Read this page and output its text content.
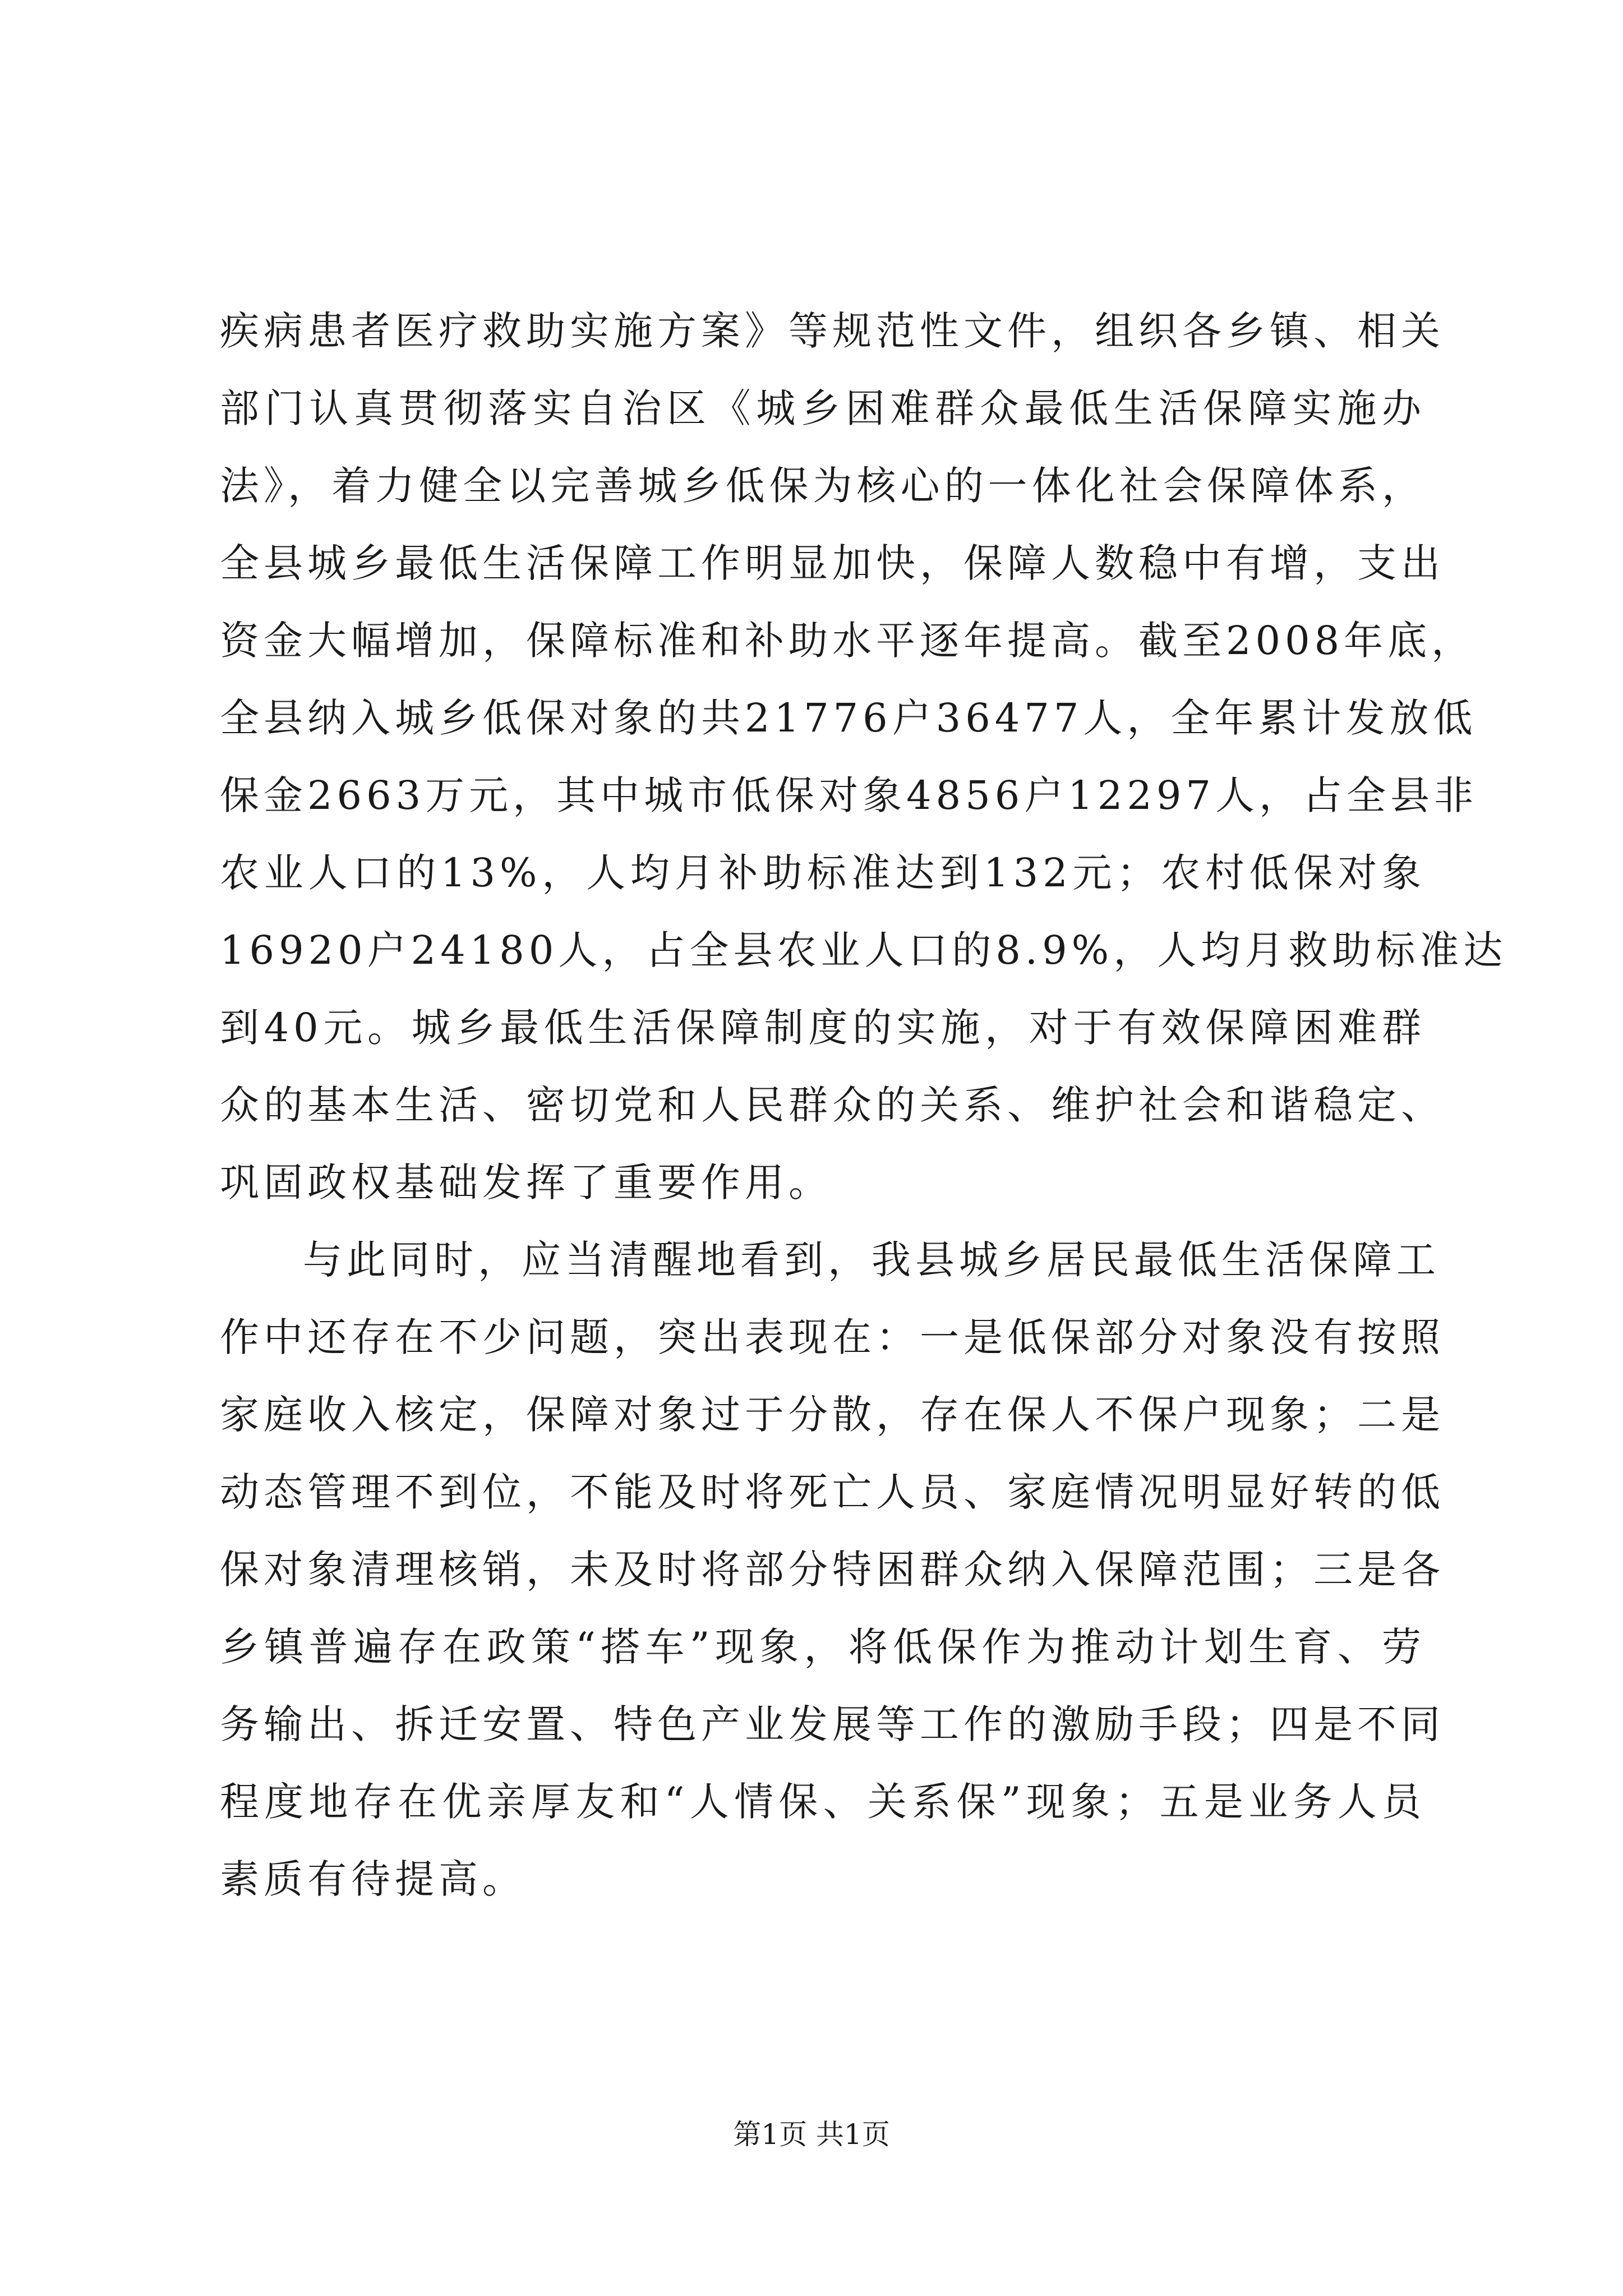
疾病患者医疗救助实施方案》等规范性文件，组织各乡镇、相关
部门认真贯彻落实自治区《城乡困难群众最低生活保障实施办
法》，着力健全以完善城乡低保为核心的一体化社会保障体系，
全县城乡最低生活保障工作明显加快，保障人数稳中有增，支出
资金大幅增加，保障标准和补助水平逐年提高。截至2008年底，
全县纳入城乡低保对象的共21776户36477人，全年累计发放低
保金2663万元，其中城市低保对象4856户12297人，占全县非
农业人口的13%，人均月补助标准达到132元；农村低保对象
16920户24180人，占全县农业人口的8.9%，人均月救助标准达
到40元。城乡最低生活保障制度的实施，对于有效保障困难群
众的基本生活、密切党和人民群众的关系、维护社会和谐稳定、
巩固政权基础发挥了重要作用。
与此同时，应当清醒地看到，我县城乡居民最低生活保障工
作中还存在不少问题，突出表现在：一是低保部分对象没有按照
家庭收入核定，保障对象过于分散，存在保人不保户现象；二是
动态管理不到位，不能及时将死亡人员、家庭情况明显好转的低
保对象清理核销，未及时将部分特困群众纳入保障范围；三是各
乡镇普遍存在政策“搭车”现象，将低保作为推动计划生育、劳
务输出、拆迁安置、特色产业发展等工作的激励手段；四是不同
程度地存在优亲厚友和“人情保、关系保”现象；五是业务人员
素质有待提高。
第1页 共1页
